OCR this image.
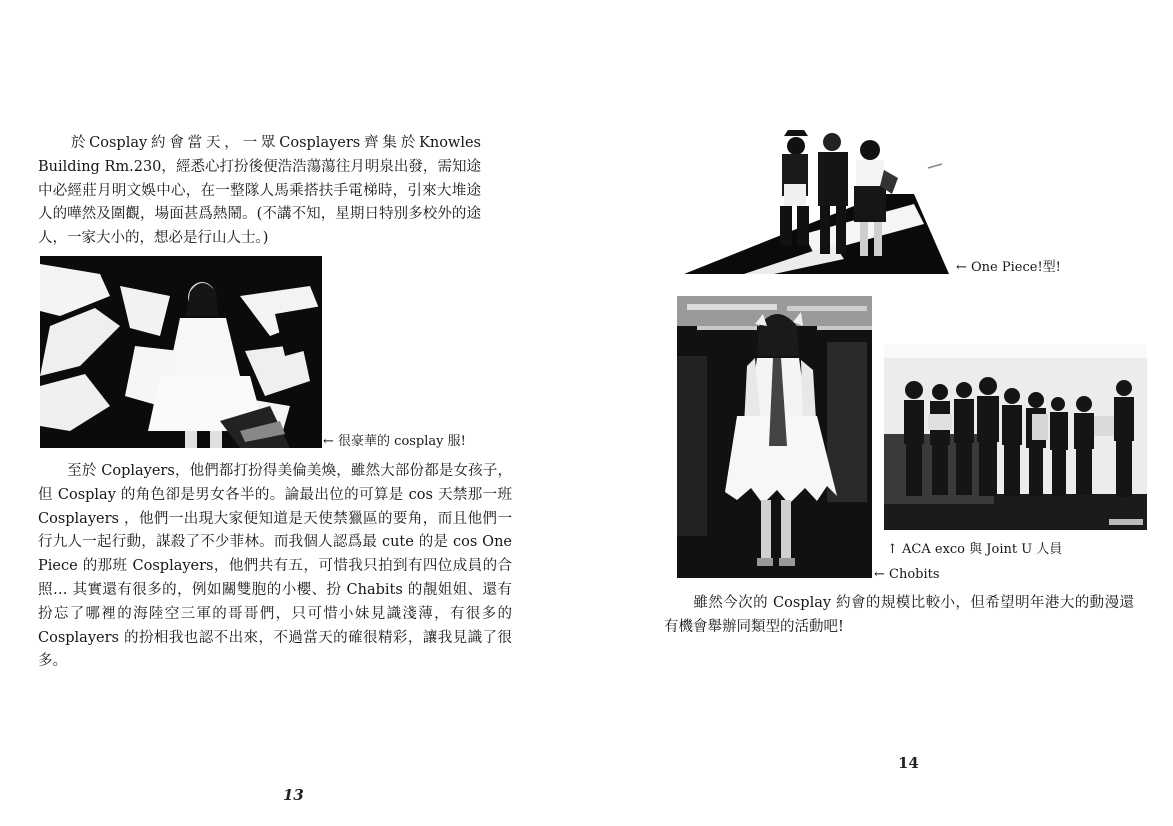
於Cosplay約會當天，一眾Cosplayers齊集於Knowles Building Rm.230，經悉心打扮後便浩浩蕩蕩往月明泉出發，需知途中必經莊月明文娛中心，在一整隊人馬乘搭扶手電梯時，引來大堆途人的嘩然及圍觀，場面甚爲熱鬧。(不講不知，星期日特別多校外的途人，一家大小的，想必是行山人士。)

← 很豪華的 cosplay 服!

至於 Coplayers，他們都打扮得美倫美煥，雖然大部份都是女孩子，但 Cosplay 的角色卻是男女各半的。論最出位的可算是 cos 天禁那一班 Cosplayers ，他們一出現大家便知道是天使禁獵區的要角，而且他們一行九人一起行動，謀殺了不少菲林。而我個人認爲最 cute 的是 cos One Piece 的那班 Cosplayers，他們共有五，可惜我只拍到有四位成員的合照… 其實還有很多的，例如關雙胞的小櫻、扮 Chabits 的靚姐姐、還有扮忘了哪裡的海陸空三軍的哥哥們，只可惜小妹見識淺薄，有很多的 Cosplayers 的扮相我也認不出來，不過當天的確很精彩，讓我見識了很多。

13
← One Piece!型!
↑ ACA exco 與 Joint U 人員
← Chobits

雖然今次的 Cosplay 約會的規模比較小，但希望明年港大的動漫還有機會舉辦同類型的活動吧!

14
